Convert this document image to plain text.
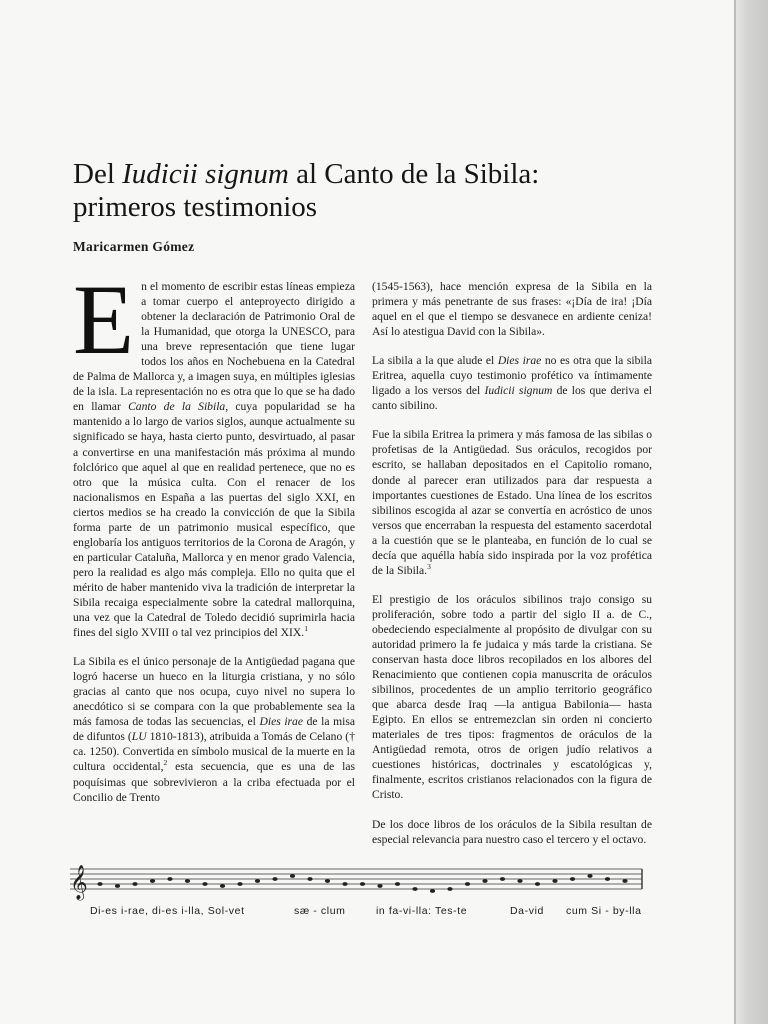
Del Iudicii signum al Canto de la Sibila:
primeros testimonios
Maricarmen Gómez

En el momento de escribir estas líneas empieza a tomar cuerpo el anteproyecto dirigido a obtener la declaración de Patrimonio Oral de la Humanidad, que otorga la UNESCO, para una breve representación que tiene lugar todos los años en Nochebuena en la Catedral de Palma de Mallorca y, a imagen suya, en múltiples iglesias de la isla. La representación no es otra que lo que se ha dado en llamar Canto de la Sibila, cuya popularidad se ha mantenido a lo largo de varios siglos, aunque actualmente su significado se haya, hasta cierto punto, desvirtuado, al pasar a convertirse en una manifestación más próxima al mundo folclórico que aquel al que en realidad pertenece, que no es otro que la música culta. Con el renacer de los nacionalismos en España a las puertas del siglo XXI, en ciertos medios se ha creado la convicción de que la Sibila forma parte de un patrimonio musical específico, que englobaría los antiguos territorios de la Corona de Aragón, y en particular Cataluña, Mallorca y en menor grado Valencia, pero la realidad es algo más compleja. Ello no quita que el mérito de haber mantenido viva la tradición de interpretar la Sibila recaiga especialmente sobre la catedral mallorquina, una vez que la Catedral de Toledo decidió suprimirla hacia fines del siglo XVIII o tal vez principios del XIX.$^1$

La Sibila es el único personaje de la Antigüedad pagana que logró hacerse un hueco en la liturgia cristiana, y no sólo gracias al canto que nos ocupa, cuyo nivel no supera lo anecdótico si se compara con la que probablemente sea la más famosa de todas las secuencias, el Dies irae de la misa de difuntos (LU 1810-1813), atribuida a Tomás de Celano († ca. 1250). Convertida en símbolo musical de la muerte en la cultura occidental,$^2$ esta secuencia, que es una de las poquísimas que sobrevivieron a la criba efectuada por el Concilio de Trento

(1545-1563), hace mención expresa de la Sibila en la primera y más penetrante de sus frases: «¡Día de ira! ¡Día aquel en el que el tiempo se desvanece en ardiente ceniza! Así lo atestigua David con la Sibila».

La sibila a la que alude el Dies irae no es otra que la sibila Eritrea, aquella cuyo testimonio profético va íntimamente ligado a los versos del Iudicii signum de los que deriva el canto sibilino.

Fue la sibila Eritrea la primera y más famosa de las sibilas o profetisas de la Antigüedad. Sus oráculos, recogidos por escrito, se hallaban depositados en el Capitolio romano, donde al parecer eran utilizados para dar respuesta a importantes cuestiones de Estado. Una línea de los escritos sibilinos escogida al azar se convertía en acróstico de unos versos que encerraban la respuesta del estamento sacerdotal a la cuestión que se le planteaba, en función de lo cual se decía que aquélla había sido inspirada por la voz profética de la Sibila.$^3$

El prestigio de los oráculos sibilinos trajo consigo su proliferación, sobre todo a partir del siglo II a. de C., obedeciendo especialmente al propósito de divulgar con su autoridad primero la fe judaica y más tarde la cristiana. Se conservan hasta doce libros recopilados en los albores del Renacimiento que contienen copia manuscrita de oráculos sibilinos, procedentes de un amplio territorio geográfico que abarca desde Iraq —la antigua Babilonia— hasta Egipto. En ellos se entremezclan sin orden ni concierto materiales de tres tipos: fragmentos de oráculos de la Antigüedad remota, otros de origen judío relativos a cuestiones históricas, doctrinales y escatológicas y, finalmente, escritos cristianos relacionados con la figura de Cristo.

De los doce libros de los oráculos de la Sibila resultan de especial relevancia para nuestro caso el tercero y el octavo.

𝄞
Di-es i-rae, di-es i-lla, Sol-vet	sæ - clum	in fa-vi-lla: Tes-te	Da-vid cum Si - by-lla
